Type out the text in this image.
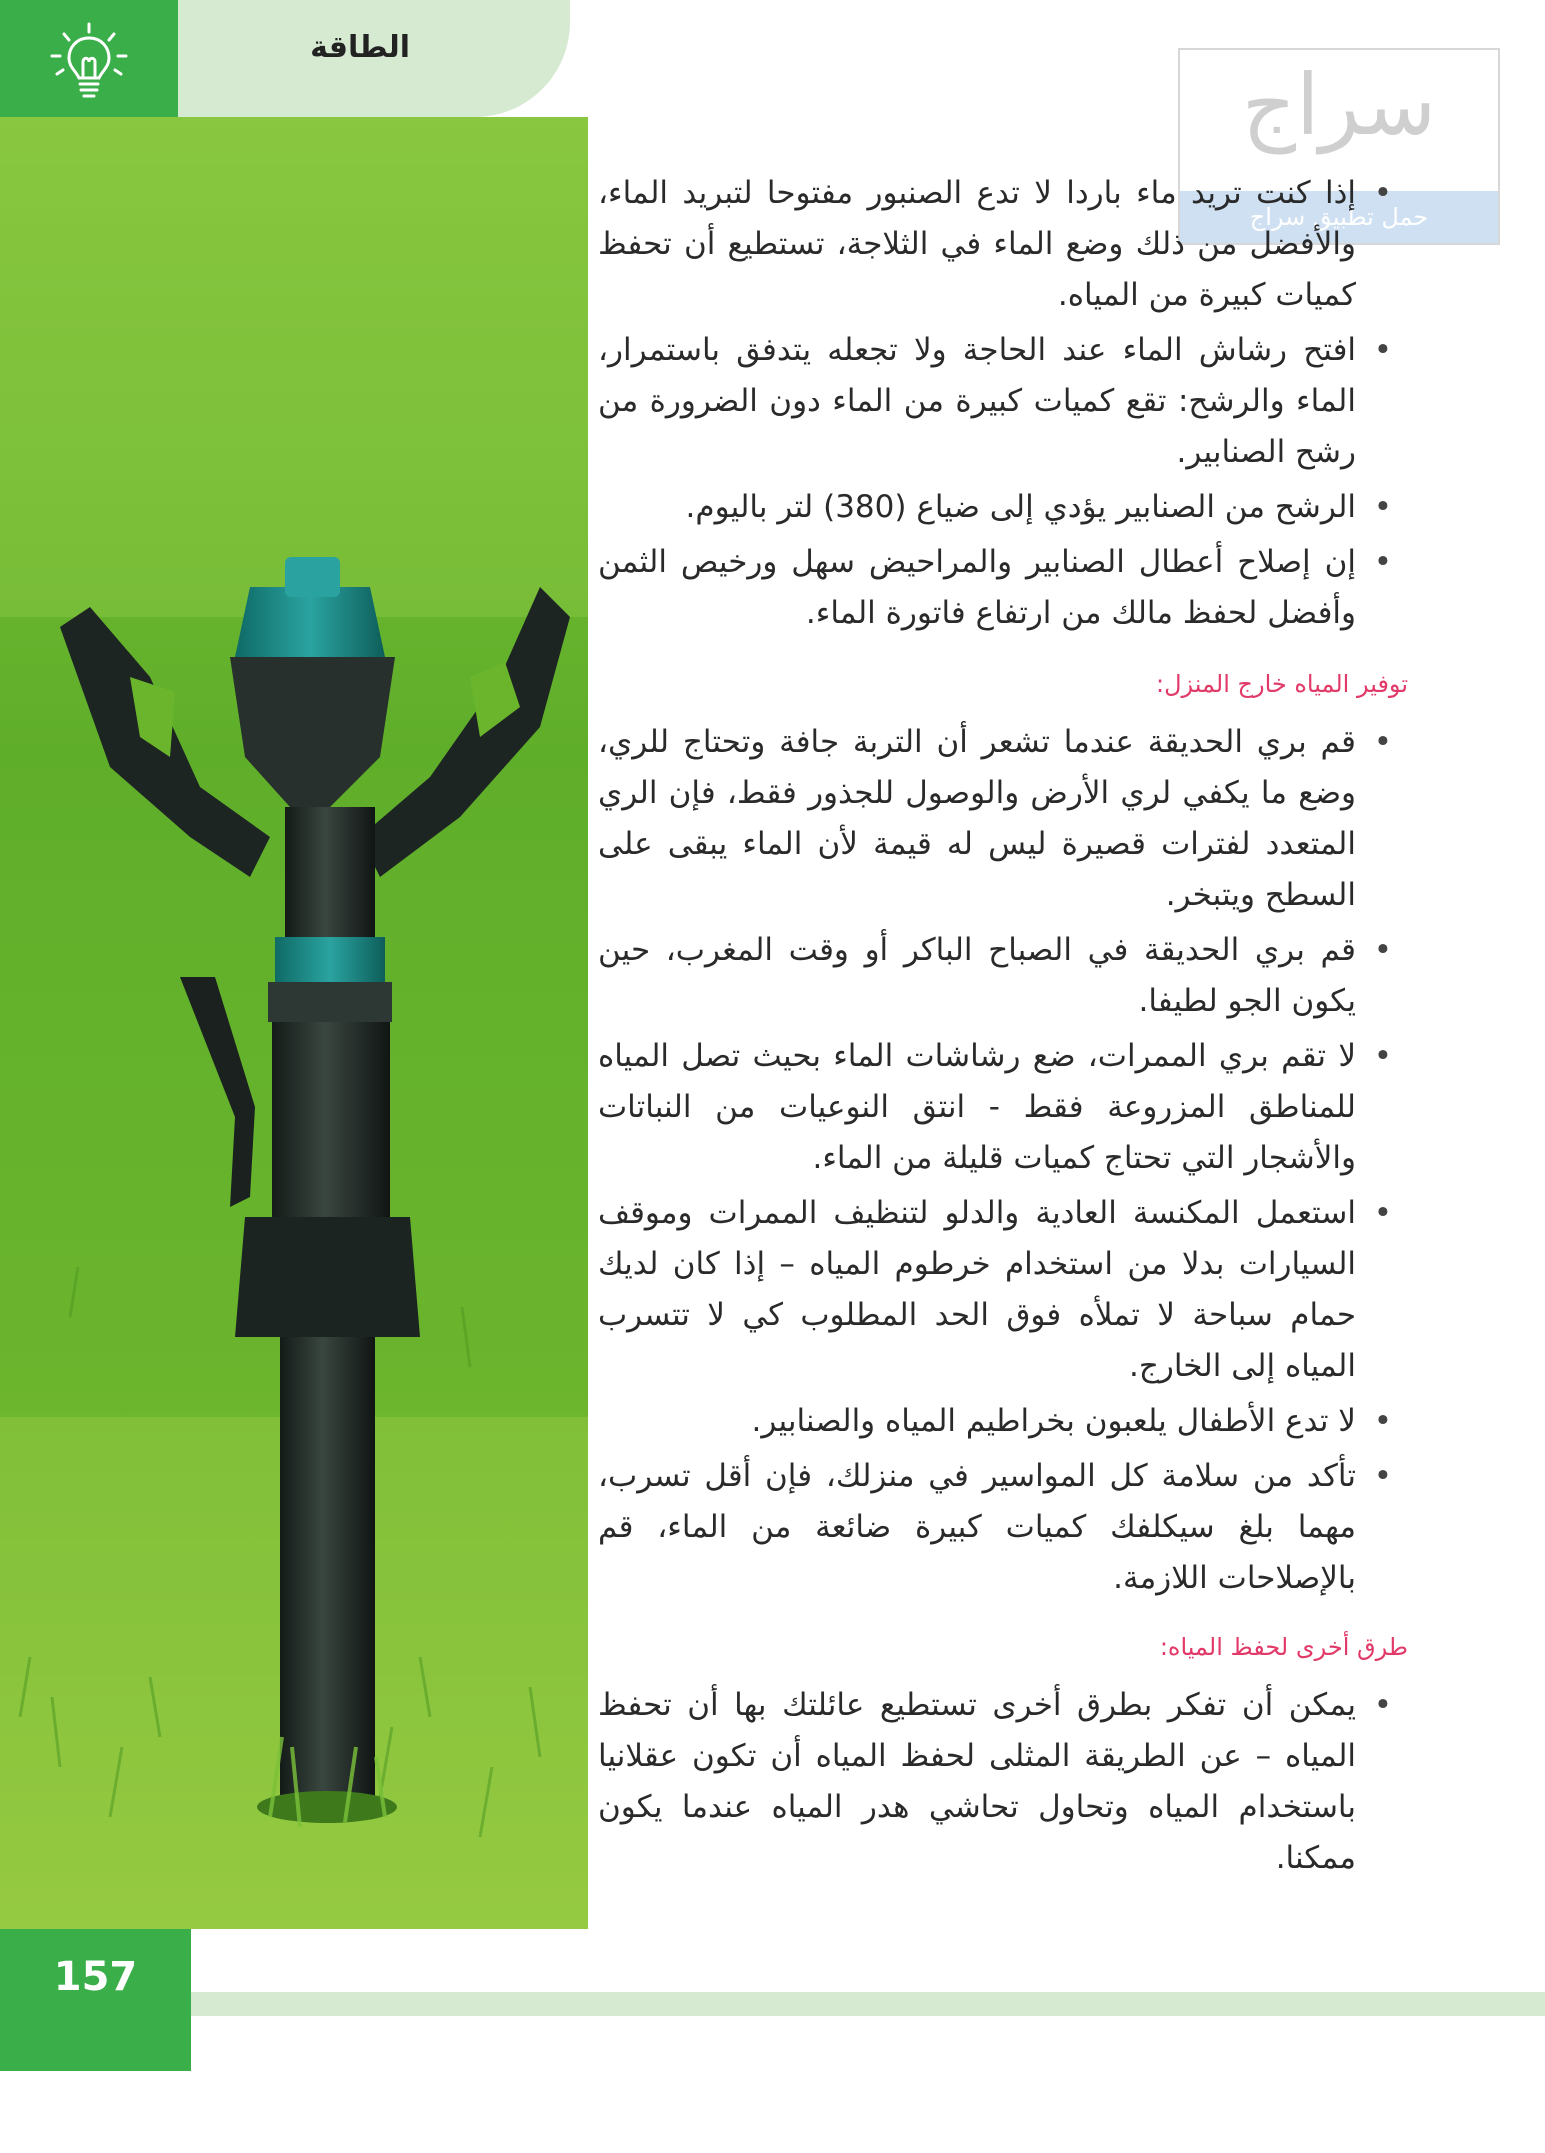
الطاقة
سراج
حمل تطبيق سراج
• إذا كنت تريد ماء باردا لا تدع الصنبور مفتوحا لتبريد الماء، والأفضل من ذلك وضع الماء في الثلاجة، تستطيع أن تحفظ كميات كبيرة من المياه.
• افتح رشاش الماء عند الحاجة ولا تجعله يتدفق باستمرار، الماء والرشح: تقع كميات كبيرة من الماء دون الضرورة من رشح الصنابير.
• الرشح من الصنابير يؤدي إلى ضياع (380) لتر باليوم.
• إن إصلاح أعطال الصنابير والمراحيض سهل ورخيص الثمن وأفضل لحفظ مالك من ارتفاع فاتورة الماء.
توفير المياه خارج المنزل:
• قم بري الحديقة عندما تشعر أن التربة جافة وتحتاج للري، وضع ما يكفي لري الأرض والوصول للجذور فقط، فإن الري المتعدد لفترات قصيرة ليس له قيمة لأن الماء يبقى على السطح ويتبخر.
• قم بري الحديقة في الصباح الباكر أو وقت المغرب، حين يكون الجو لطيفا.
• لا تقم بري الممرات، ضع رشاشات الماء بحيث تصل المياه للمناطق المزروعة فقط - انتق النوعيات من النباتات والأشجار التي تحتاج كميات قليلة من الماء.
• استعمل المكنسة العادية والدلو لتنظيف الممرات وموقف السيارات بدلا من استخدام خرطوم المياه – إذا كان لديك حمام سباحة لا تملأه فوق الحد المطلوب كي لا تتسرب المياه إلى الخارج.
• لا تدع الأطفال يلعبون بخراطيم المياه والصنابير.
• تأكد من سلامة كل المواسير في منزلك، فإن أقل تسرب، مهما بلغ سيكلفك كميات كبيرة ضائعة من الماء، قم بالإصلاحات اللازمة.
طرق أخرى لحفظ المياه:
• يمكن أن تفكر بطرق أخرى تستطيع عائلتك بها أن تحفظ المياه – عن الطريقة المثلى لحفظ المياه أن تكون عقلانيا باستخدام المياه وتحاول تحاشي هدر المياه عندما يكون ممكنا.
157
